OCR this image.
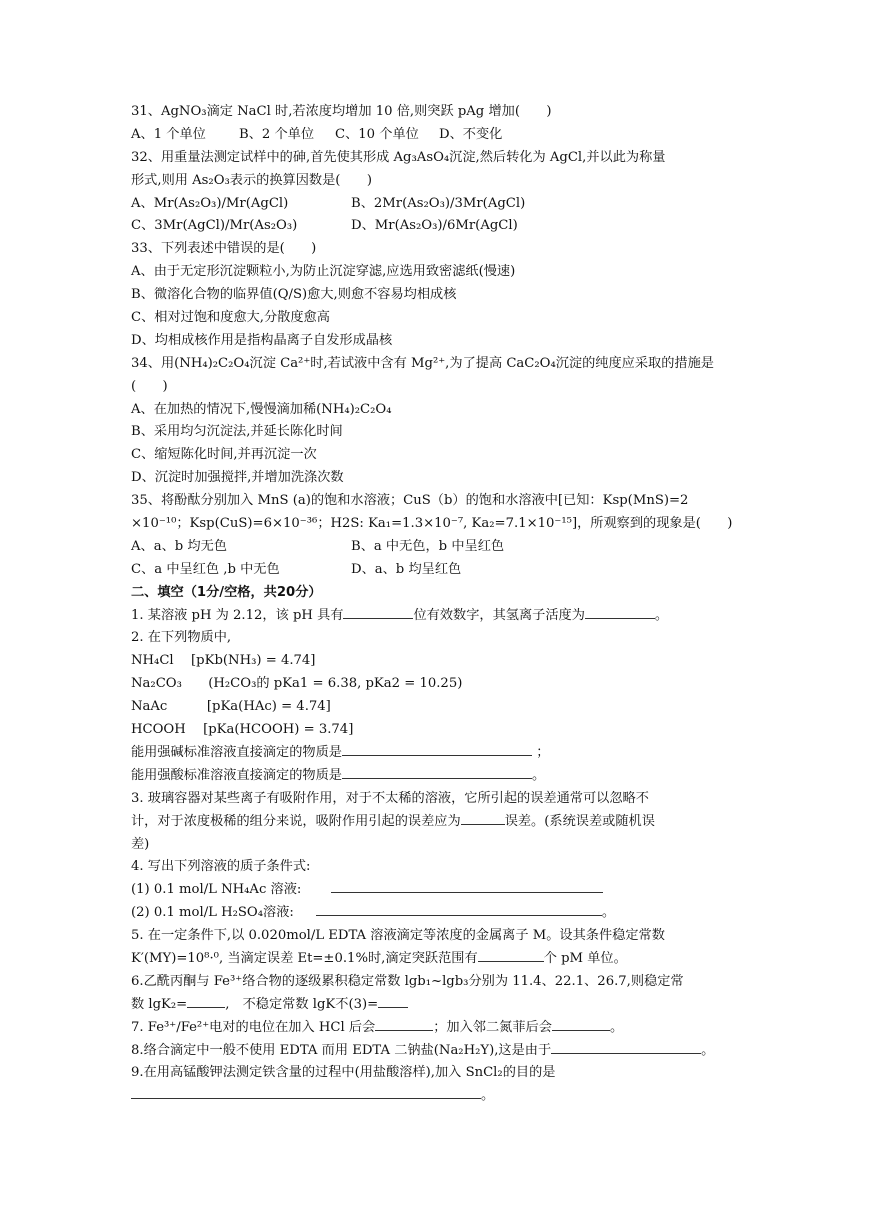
31、AgNO₃滴定 NaCl 时,若浓度均增加 10 倍,则突跃 pAg 增加(　　)
A、1 个单位	B、2 个单位 C、10 个单位 D、不变化
32、用重量法测定试样中的砷,首先使其形成 Ag₃AsO₄沉淀,然后转化为 AgCl,并以此为称量
形式,则用 As₂O₃表示的换算因数是(　　)
A、Mr(As₂O₃)/Mr(AgCl)	B、2Mr(As₂O₃)/3Mr(AgCl)
C、3Mr(AgCl)/Mr(As₂O₃)	D、Mr(As₂O₃)/6Mr(AgCl)
33、下列表述中错误的是(　　)
A、由于无定形沉淀颗粒小,为防止沉淀穿滤,应选用致密滤纸(慢速)
B、微溶化合物的临界值(Q/S)愈大,则愈不容易均相成核
C、相对过饱和度愈大,分散度愈高
D、均相成核作用是指构晶离子自发形成晶核
34、用(NH₄)₂C₂O₄沉淀 Ca²⁺时,若试液中含有 Mg²⁺,为了提高 CaC₂O₄沉淀的纯度应采取的措施是
(　　)
A、在加热的情况下,慢慢滴加稀(NH₄)₂C₂O₄
B、采用均匀沉淀法,并延长陈化时间
C、缩短陈化时间,并再沉淀一次
D、沉淀时加强搅拌,并增加洗涤次数
35、将酚酞分别加入 MnS (a)的饱和水溶液；CuS（b）的饱和水溶液中[已知：Ksp(MnS)=2
×10⁻¹⁰；Ksp(CuS)=6×10⁻³⁶；H2S: Ka₁=1.3×10⁻⁷, Ka₂=7.1×10⁻¹⁵]，所观察到的现象是(　　)
A、a、b 均无色	B、a 中无色，b 中呈红色
C、a 中呈红色 ,b 中无色	D、a、b 均呈红色
二、填空（1分/空格，共20分）
1. 某溶液 pH 为 2.12，该 pH 具有	位有效数字，其氢离子活度为	。
2. 在下列物质中,
NH₄Cl　 [pKb(NH₃) = 4.74]
Na₂CO₃　　(H₂CO₃的 pKa1 = 6.38, pKa2 = 10.25)
NaAc　　　[pKa(HAc) = 4.74]
HCOOH　 [pKa(HCOOH) = 3.74]
能用强碱标准溶液直接滴定的物质是	；
能用强酸标准溶液直接滴定的物质是	。
3. 玻璃容器对某些离子有吸附作用，对于不太稀的溶液，它所引起的误差通常可以忽略不
计，对于浓度极稀的组分来说，吸附作用引起的误差应为	误差。(系统误差或随机误
差)
4. 写出下列溶液的质子条件式:
(1) 0.1 mol/L NH₄Ac 溶液:
(2) 0.1 mol/L H₂SO₄溶液:	。
5. 在一定条件下,以 0.020mol/L EDTA 溶液滴定等浓度的金属离子 M。设其条件稳定常数
K′(MY)=10⁸·⁰, 当滴定误差 Et=±0.1%时,滴定突跃范围有	个 pM 单位。
6.乙酰丙酮与 Fe³⁺络合物的逐级累积稳定常数 lgb₁~lgb₃分别为 11.4、22.1、26.7,则稳定常
数 lgK₂=	,　不稳定常数 lgK不(3)=
7. Fe³⁺/Fe²⁺电对的电位在加入 HCl 后会	；加入邻二氮菲后会	。
8.络合滴定中一般不使用 EDTA 而用 EDTA 二钠盐(Na₂H₂Y),这是由于	。
9.在用高锰酸钾法测定铁含量的过程中(用盐酸溶样),加入 SnCl₂的目的是
。
